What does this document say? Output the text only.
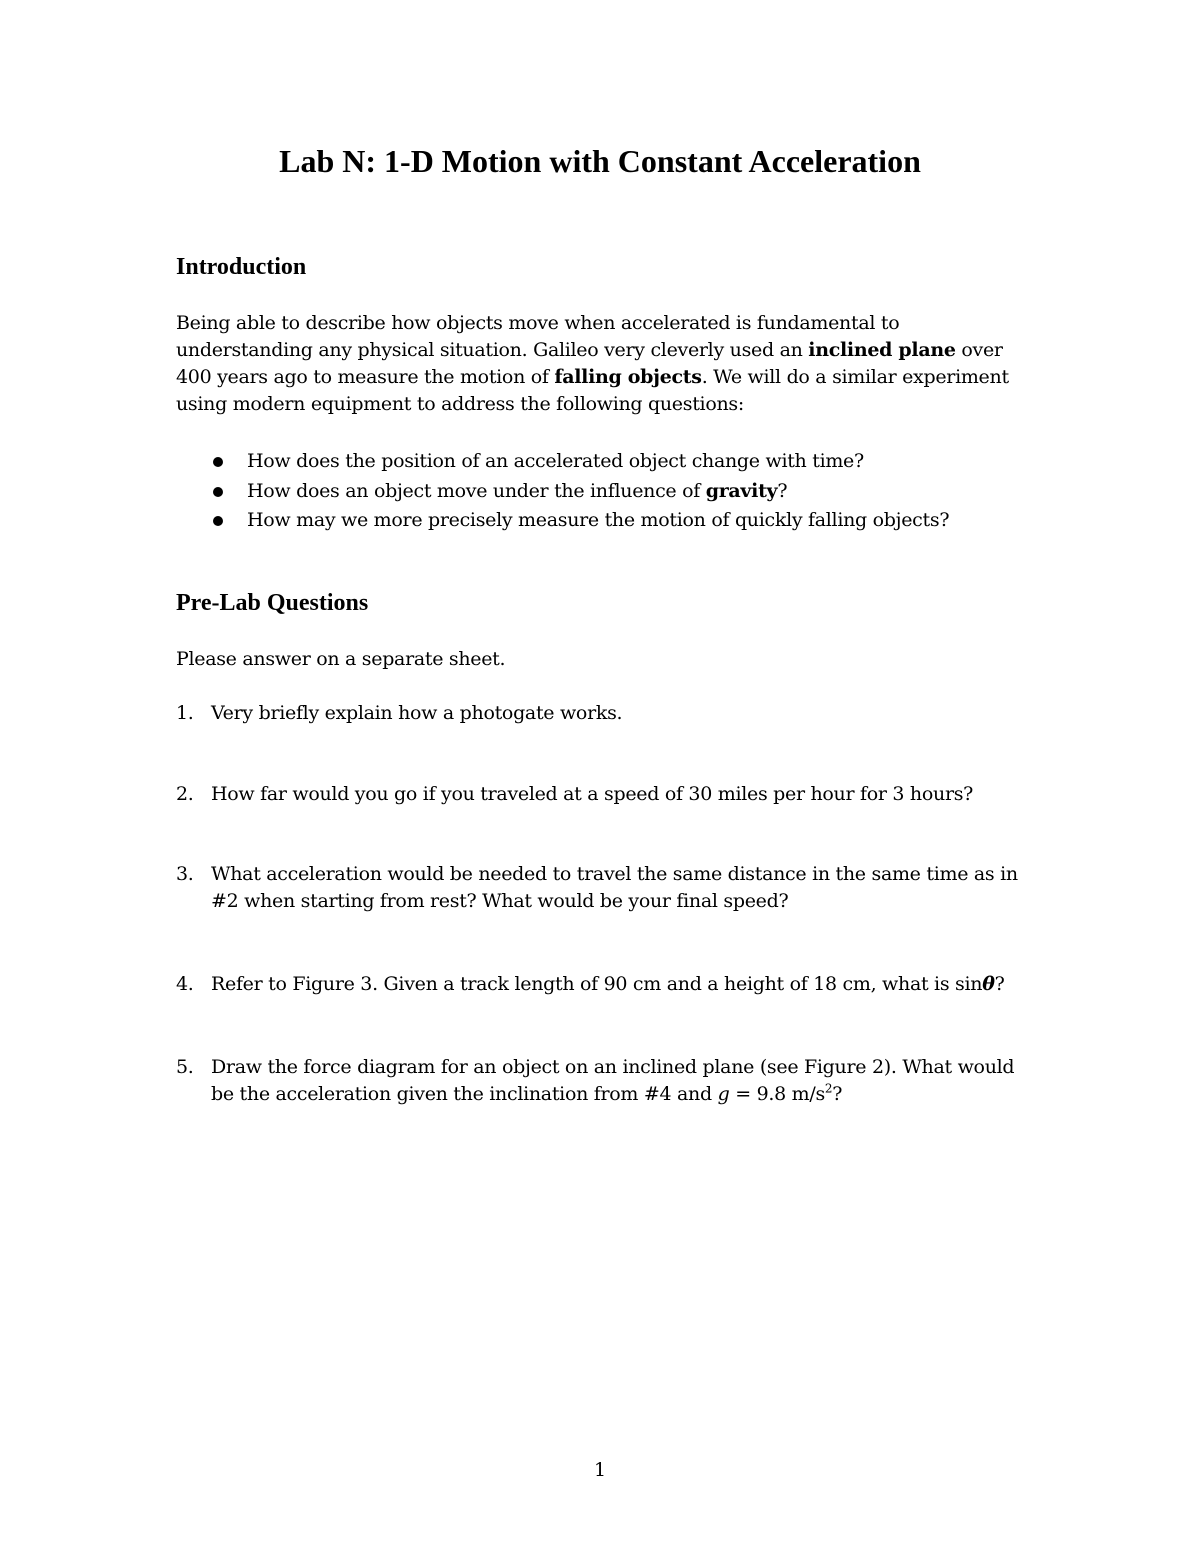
Lab N: 1-D Motion with Constant Acceleration
Introduction

Being able to describe how objects move when accelerated is fundamental to understanding any physical situation. Galileo very cleverly used an inclined plane over 400 years ago to measure the motion of falling objects. We will do a similar experiment using modern equipment to address the following questions:

How does the position of an accelerated object change with time?
How does an object move under the influence of gravity?
How may we more precisely measure the motion of quickly falling objects?
Pre-Lab Questions

Please answer on a separate sheet.

1. Very briefly explain how a photogate works.
2. How far would you go if you traveled at a speed of 30 miles per hour for 3 hours?
3. What acceleration would be needed to travel the same distance in the same time as in #2 when starting from rest? What would be your final speed?
4. Refer to Figure 3. Given a track length of 90 cm and a height of 18 cm, what is sinθ?
5. Draw the force diagram for an object on an inclined plane (see Figure 2). What would be the acceleration given the inclination from #4 and g = 9.8 $m/s^2$?
1
